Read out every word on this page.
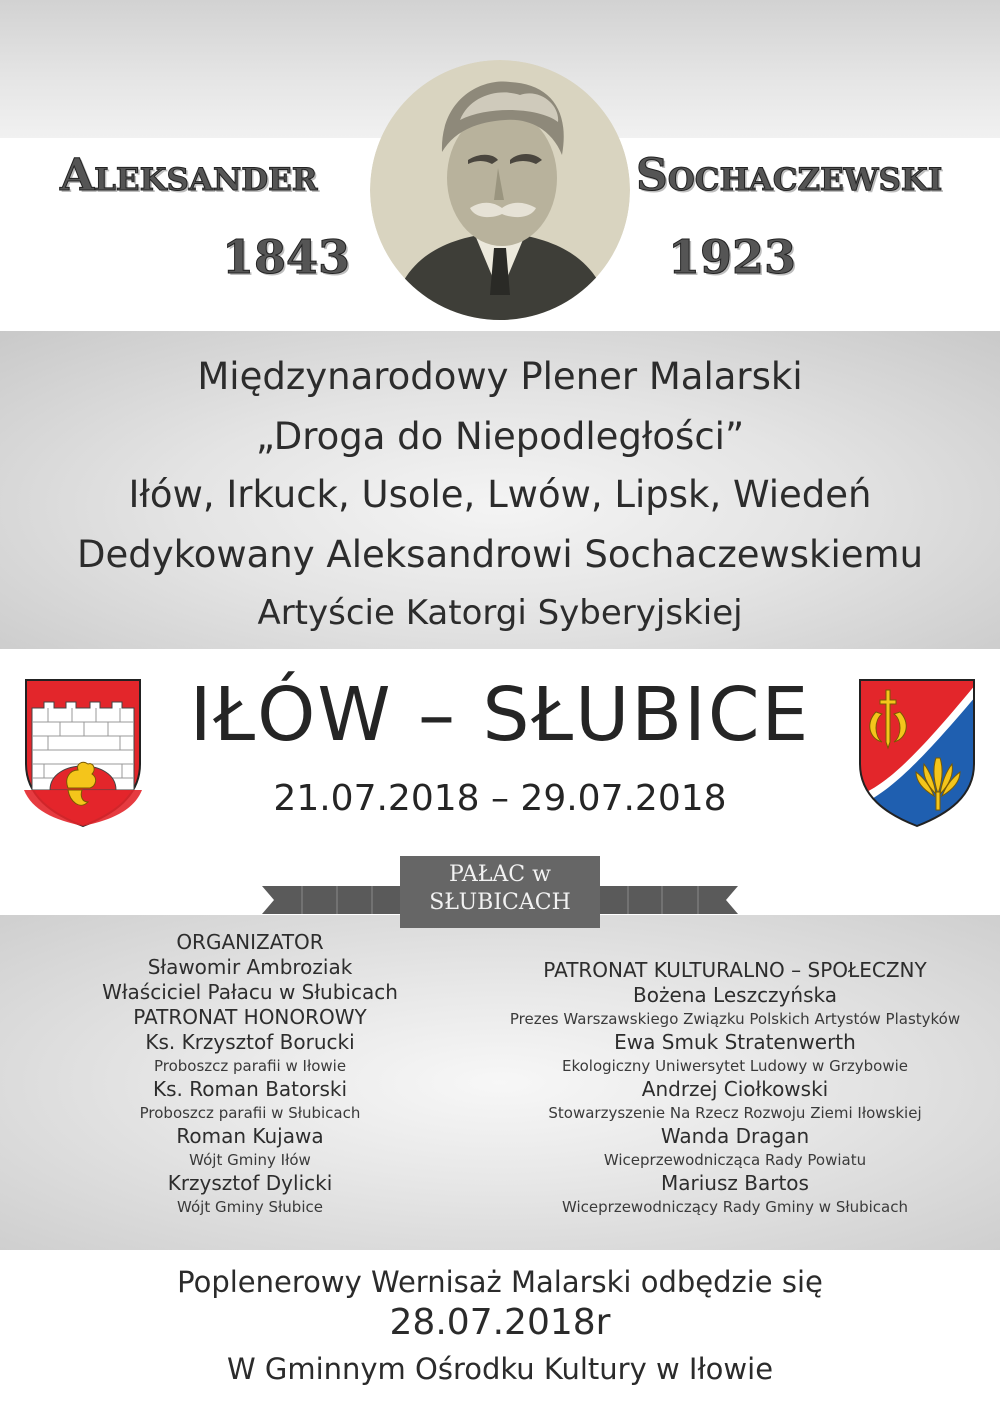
Aleksander	Sochaczewski
1843	1923
Międzynarodowy Plener Malarski
„Droga do Niepodległości”
Iłów, Irkuck, Usole, Lwów, Lipsk, Wiedeń
Dedykowany Aleksandrowi Sochaczewskiemu
Artyście Katorgi Syberyjskiej
IŁÓW – SŁUBICE
21.07.2018 – 29.07.2018
PAŁAC w
SŁUBICACH
ORGANIZATOR
Sławomir Ambroziak
Właściciel Pałacu w Słubicach
PATRONAT HONOROWY
Ks. Krzysztof Borucki
Proboszcz parafii w Iłowie
Ks. Roman Batorski
Proboszcz parafii w Słubicach
Roman Kujawa
Wójt Gminy Iłów
Krzysztof Dylicki
Wójt Gminy Słubice
PATRONAT KULTURALNO – SPOŁECZNY
Bożena Leszczyńska
Prezes Warszawskiego Związku Polskich Artystów Plastyków
Ewa Smuk Stratenwerth
Ekologiczny Uniwersytet Ludowy w Grzybowie
Andrzej Ciołkowski
Stowarzyszenie Na Rzecz Rozwoju Ziemi Iłowskiej
Wanda Dragan
Wiceprzewodnicząca Rady Powiatu
Mariusz Bartos
Wiceprzewodniczący Rady Gminy w Słubicach
Poplenerowy Wernisaż Malarski odbędzie się
28.07.2018r
W Gminnym Ośrodku Kultury w Iłowie
